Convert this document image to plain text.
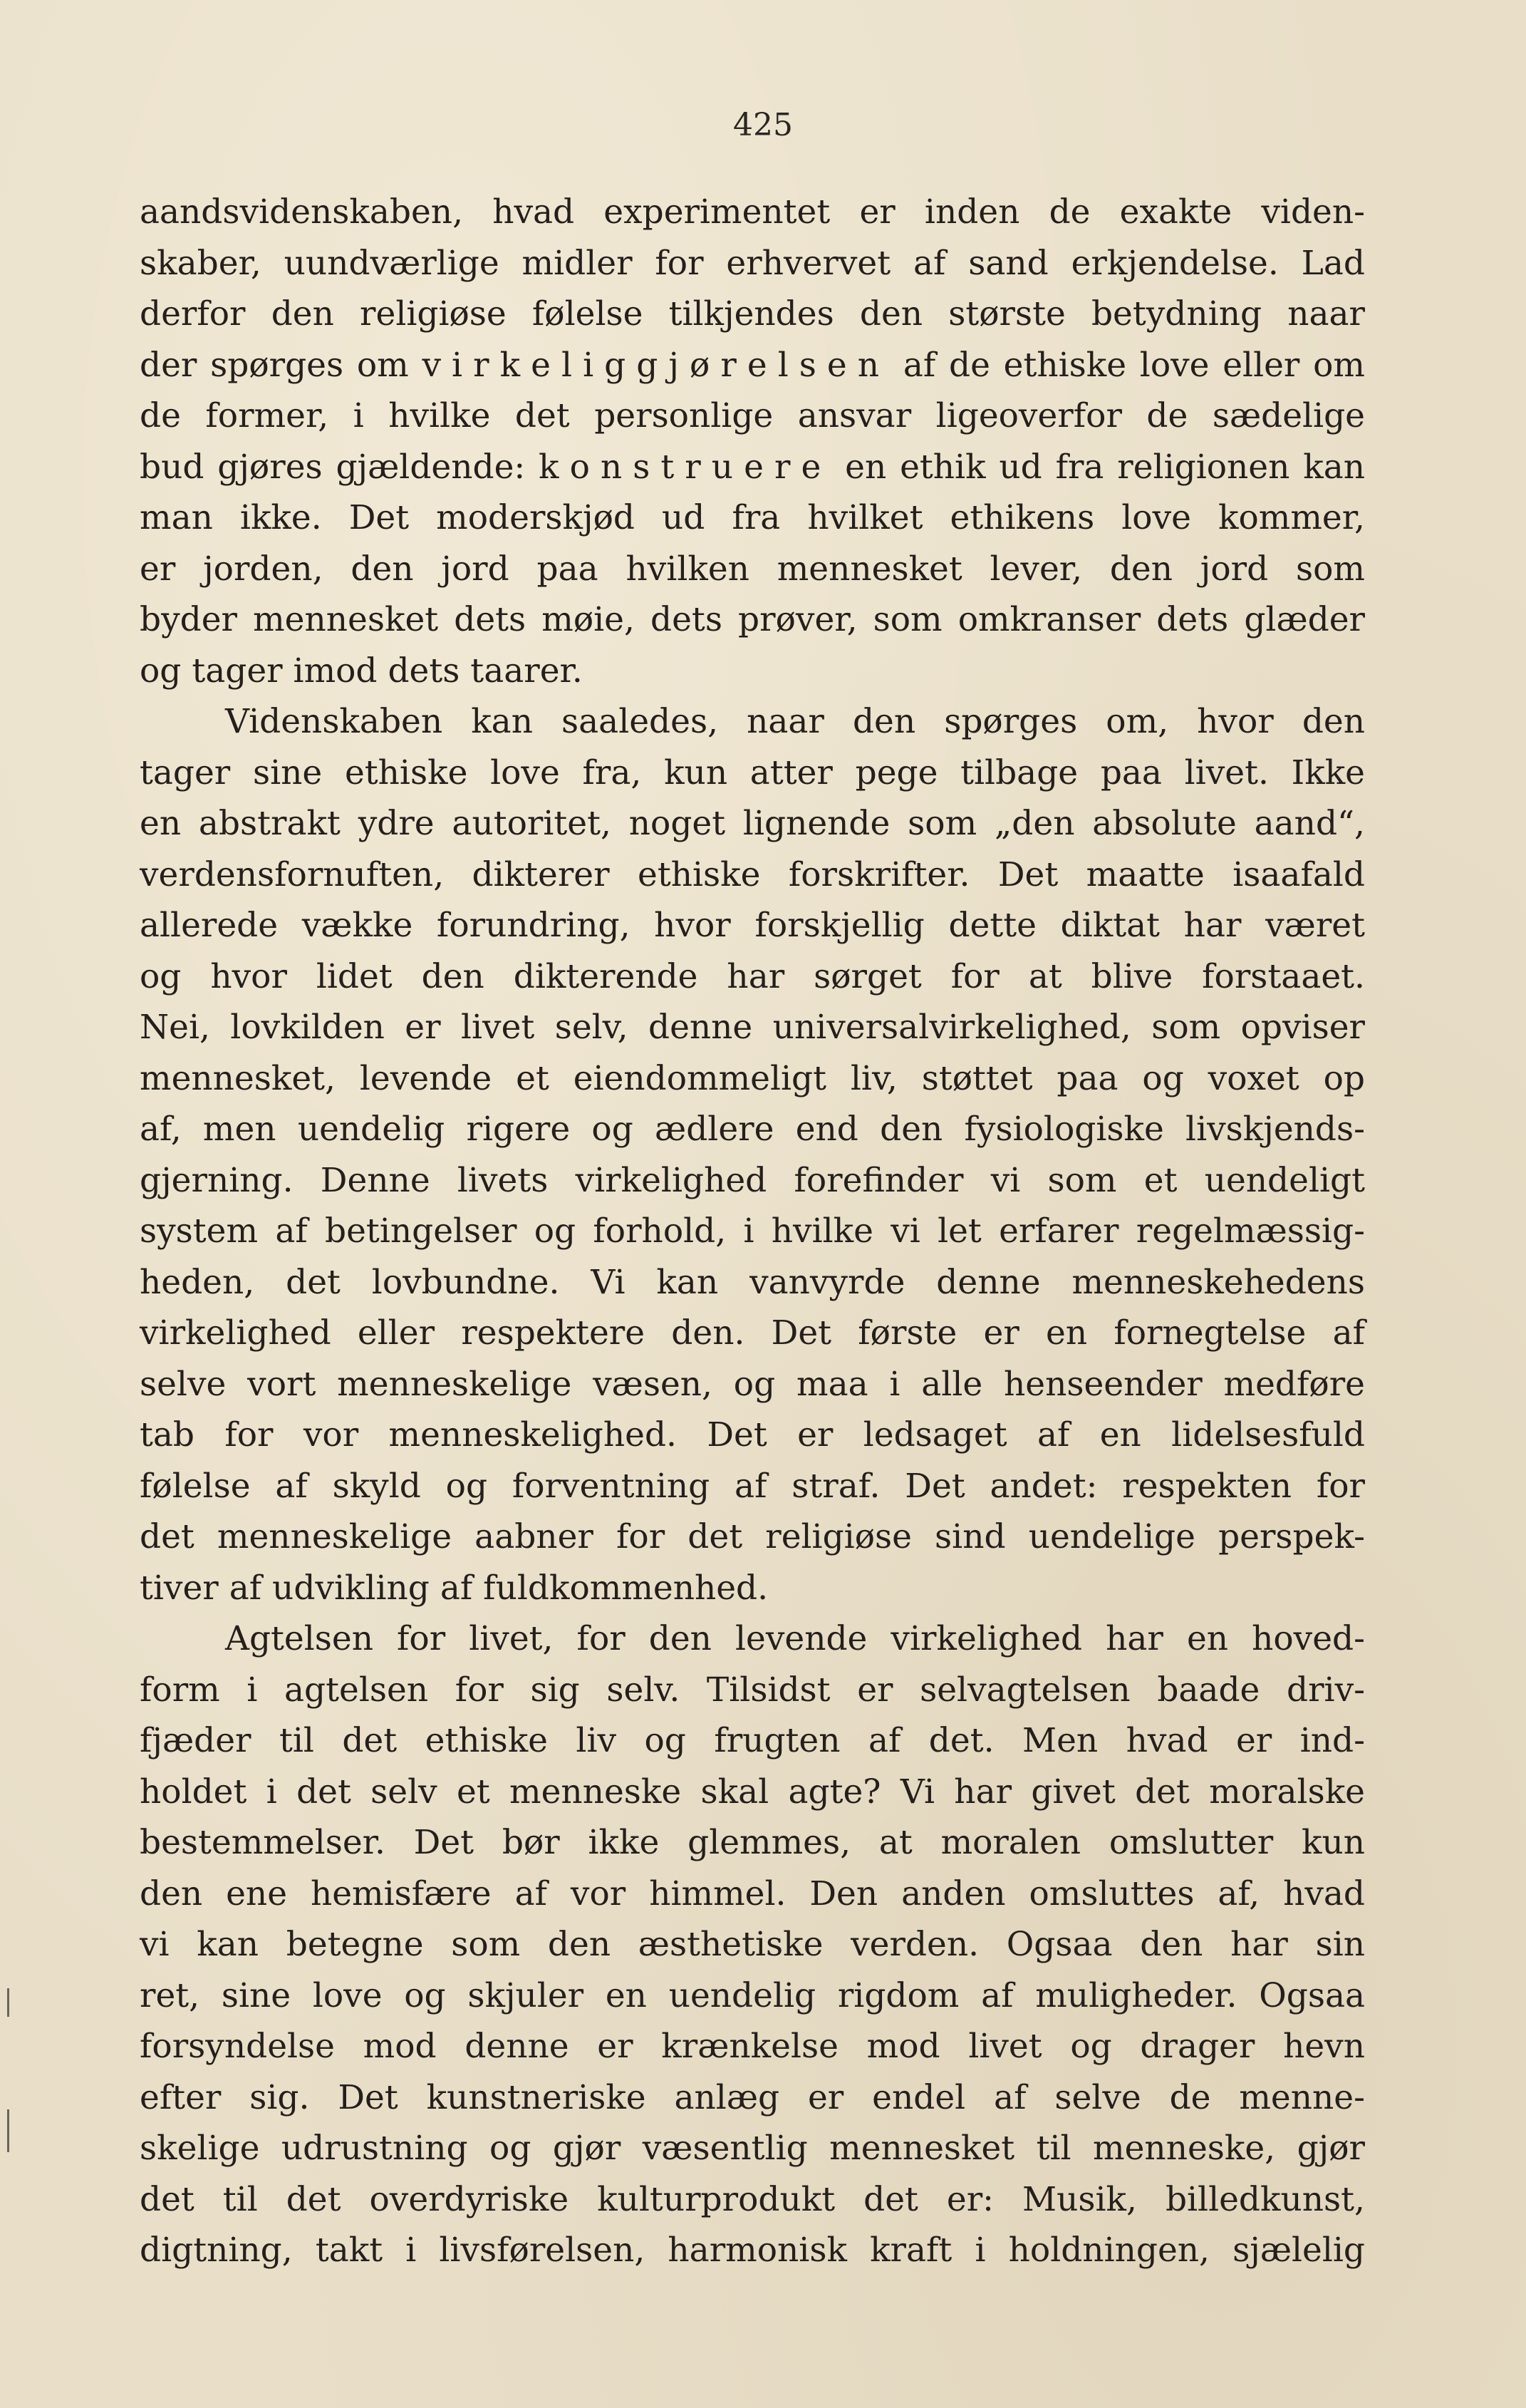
425
aandsvidenskaben, hvad experimentet er inden de exakte viden-
skaber, uundværlige midler for erhvervet af sand erkjendelse. Lad
derfor den religiøse følelse tilkjendes den største betydning naar
der spørges om virkeliggjørelsen af de ethiske love eller om
de former, i hvilke det personlige ansvar ligeoverfor de sædelige
bud gjøres gjældende: konstruere en ethik ud fra religionen kan
man ikke. Det moderskjød ud fra hvilket ethikens love kommer,
er jorden, den jord paa hvilken mennesket lever, den jord som
byder mennesket dets møie, dets prøver, som omkranser dets glæder
og tager imod dets taarer.
Videnskaben kan saaledes, naar den spørges om, hvor den
tager sine ethiske love fra, kun atter pege tilbage paa livet. Ikke
en abstrakt ydre autoritet, noget lignende som „den absolute aand“,
verdensfornuften, dikterer ethiske forskrifter. Det maatte isaafald
allerede vække forundring, hvor forskjellig dette diktat har været
og hvor lidet den dikterende har sørget for at blive forstaaet.
Nei, lovkilden er livet selv, denne universalvirkelighed, som opviser
mennesket, levende et eiendommeligt liv, støttet paa og voxet op
af, men uendelig rigere og ædlere end den fysiologiske livskjends-
gjerning. Denne livets virkelighed forefinder vi som et uendeligt
system af betingelser og forhold, i hvilke vi let erfarer regelmæssig-
heden, det lovbundne. Vi kan vanvyrde denne menneskehedens
virkelighed eller respektere den. Det første er en fornegtelse af
selve vort menneskelige væsen, og maa i alle henseender medføre
tab for vor menneskelighed. Det er ledsaget af en lidelsesfuld
følelse af skyld og forventning af straf. Det andet: respekten for
det menneskelige aabner for det religiøse sind uendelige perspek-
tiver af udvikling af fuldkommenhed.
Agtelsen for livet, for den levende virkelighed har en hoved-
form i agtelsen for sig selv. Tilsidst er selvagtelsen baade driv-
fjæder til det ethiske liv og frugten af det. Men hvad er ind-
holdet i det selv et menneske skal agte? Vi har givet det moralske
bestemmelser. Det bør ikke glemmes, at moralen omslutter kun
den ene hemisfære af vor himmel. Den anden omsluttes af, hvad
vi kan betegne som den æsthetiske verden. Ogsaa den har sin
ret, sine love og skjuler en uendelig rigdom af muligheder. Ogsaa
forsyndelse mod denne er krænkelse mod livet og drager hevn
efter sig. Det kunstneriske anlæg er endel af selve de menne-
skelige udrustning og gjør væsentlig mennesket til menneske, gjør
det til det overdyriske kulturprodukt det er: Musik, billedkunst,
digtning, takt i livsførelsen, harmonisk kraft i holdningen, sjælelig
